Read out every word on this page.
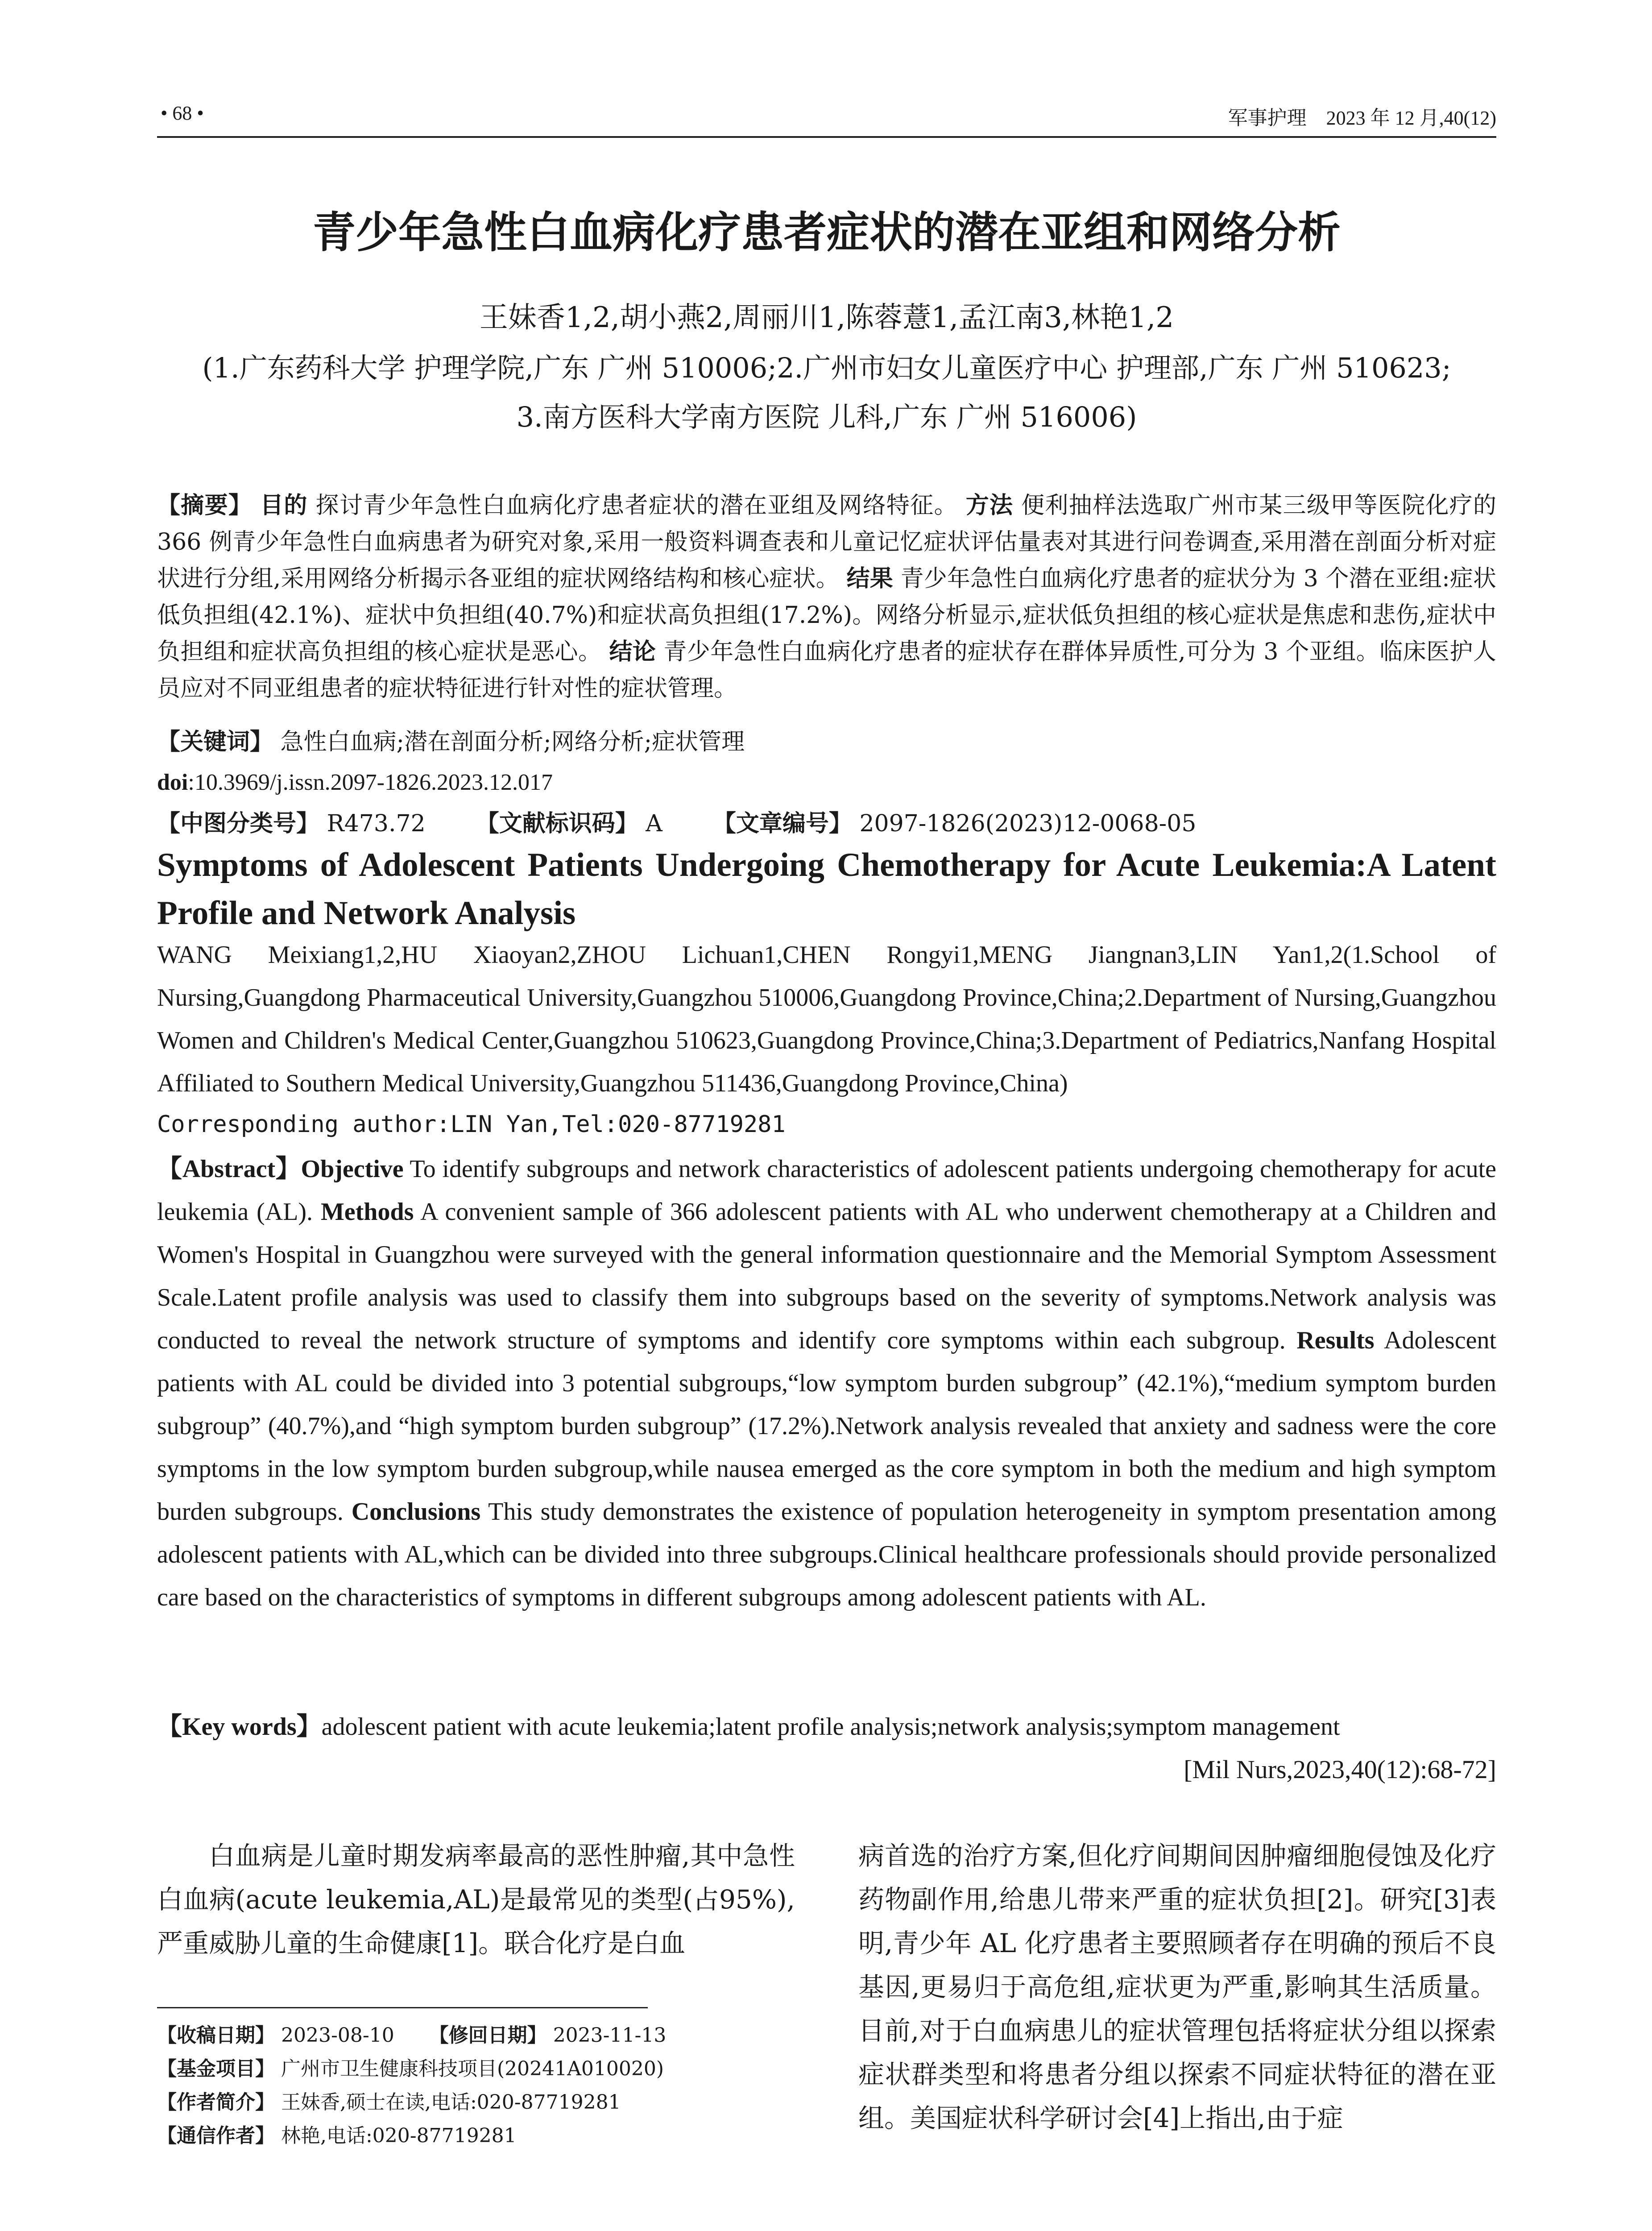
• 68 •	军事护理　2023 年 12 月,40(12)
青少年急性白血病化疗患者症状的潜在亚组和网络分析
王妹香1,2,胡小燕2,周丽川1,陈蓉薏1,孟江南3,林艳1,2
(1.广东药科大学 护理学院,广东 广州 510006;2.广州市妇女儿童医疗中心 护理部,广东 广州 510623;
3.南方医科大学南方医院 儿科,广东 广州 516006)
【摘要】 目的 探讨青少年急性白血病化疗患者症状的潜在亚组及网络特征。 方法 便利抽样法选取广州市某三级甲等医院化疗的 366 例青少年急性白血病患者为研究对象,采用一般资料调查表和儿童记忆症状评估量表对其进行问卷调查,采用潜在剖面分析对症状进行分组,采用网络分析揭示各亚组的症状网络结构和核心症状。 结果 青少年急性白血病化疗患者的症状分为 3 个潜在亚组:症状低负担组(42.1%)、症状中负担组(40.7%)和症状高负担组(17.2%)。网络分析显示,症状低负担组的核心症状是焦虑和悲伤,症状中负担组和症状高负担组的核心症状是恶心。 结论 青少年急性白血病化疗患者的症状存在群体异质性,可分为 3 个亚组。临床医护人员应对不同亚组患者的症状特征进行针对性的症状管理。
【关键词】 急性白血病;潜在剖面分析;网络分析;症状管理
doi:10.3969/j.issn.2097-1826.2023.12.017
【中图分类号】 R473.72 【文献标识码】 A 【文章编号】 2097-1826(2023)12-0068-05
Symptoms of Adolescent Patients Undergoing Chemotherapy for Acute Leukemia:A Latent Profile and Network Analysis
WANG Meixiang1,2,HU Xiaoyan2,ZHOU Lichuan1,CHEN Rongyi1,MENG Jiangnan3,LIN Yan1,2(1.School of Nursing,Guangdong Pharmaceutical University,Guangzhou 510006,Guangdong Province,China;2.Department of Nursing,Guangzhou Women and Children's Medical Center,Guangzhou 510623,Guangdong Province,China;3.Department of Pediatrics,Nanfang Hospital Affiliated to Southern Medical University,Guangzhou 511436,Guangdong Province,China)
Corresponding author:LIN Yan,Tel:020-87719281
【Abstract】Objective To identify subgroups and network characteristics of adolescent patients undergoing chemotherapy for acute leukemia (AL). Methods A convenient sample of 366 adolescent patients with AL who underwent chemotherapy at a Children and Women's Hospital in Guangzhou were surveyed with the general information questionnaire and the Memorial Symptom Assessment Scale.Latent profile analysis was used to classify them into subgroups based on the severity of symptoms.Network analysis was conducted to reveal the network structure of symptoms and identify core symptoms within each subgroup. Results Adolescent patients with AL could be divided into 3 potential subgroups,“low symptom burden subgroup” (42.1%),“medium symptom burden subgroup” (40.7%),and “high symptom burden subgroup” (17.2%).Network analysis revealed that anxiety and sadness were the core symptoms in the low symptom burden subgroup,while nausea emerged as the core symptom in both the medium and high symptom burden subgroups. Conclusions This study demonstrates the existence of population heterogeneity in symptom presentation among adolescent patients with AL,which can be divided into three subgroups.Clinical healthcare professionals should provide personalized care based on the characteristics of symptoms in different subgroups among adolescent patients with AL.
【Key words】adolescent patient with acute leukemia;latent profile analysis;network analysis;symptom management
[Mil Nurs,2023,40(12):68-72]
白血病是儿童时期发病率最高的恶性肿瘤,其中急性白血病(acute leukemia,AL)是最常见的类型(占95%),严重威胁儿童的生命健康[1]。联合化疗是白血
病首选的治疗方案,但化疗间期间因肿瘤细胞侵蚀及化疗药物副作用,给患儿带来严重的症状负担[2]。研究[3]表明,青少年 AL 化疗患者主要照顾者存在明确的预后不良基因,更易归于高危组,症状更为严重,影响其生活质量。目前,对于白血病患儿的症状管理包括将症状分组以探索症状群类型和将患者分组以探索不同症状特征的潜在亚组。美国症状科学研讨会[4]上指出,由于症
【收稿日期】 2023-08-10 【修回日期】 2023-11-13
【基金项目】 广州市卫生健康科技项目(20241A010020)
【作者简介】 王妹香,硕士在读,电话:020-87719281
【通信作者】 林艳,电话:020-87719281
